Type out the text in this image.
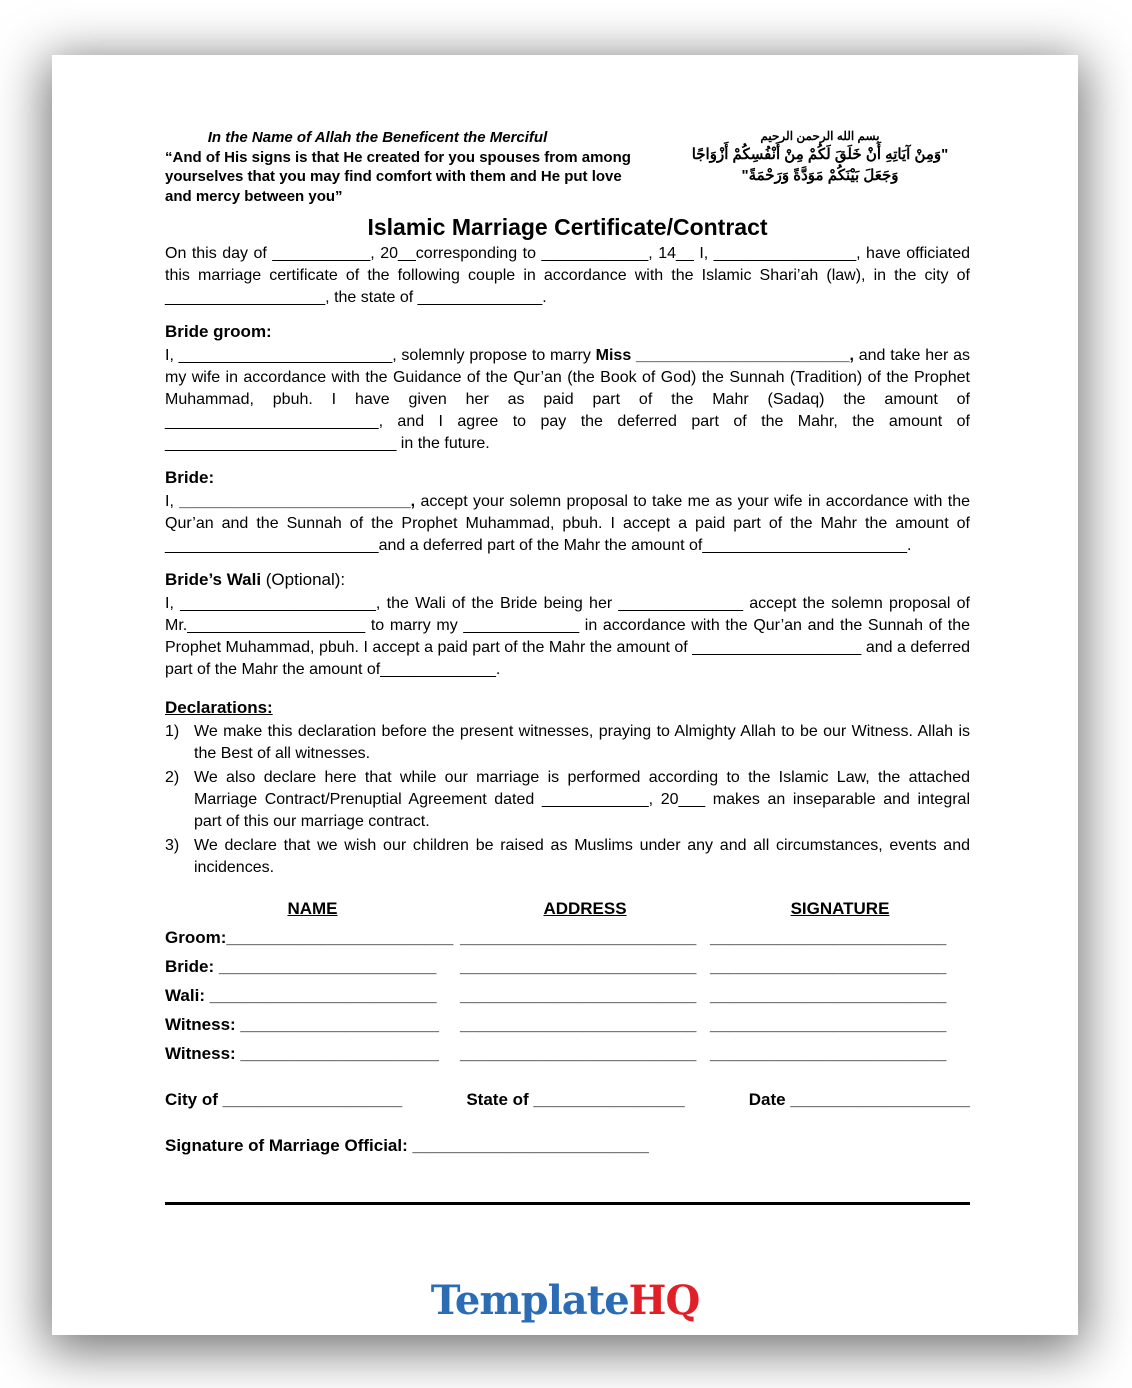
In the Name of Allah the Beneficent the Merciful
“And of His signs is that He created for you spouses from among yourselves that you may find comfort with them and He put love and mercy between you”
بسم الله الرحمن الرحيم
"وَمِنْ آيَاتِهِ أَنْ خَلَقَ لَكُمْ مِنْ أَنْفُسِكُمْ أَزْوَاجًا
وَجَعَلَ بَيْنَكُمْ مَوَدَّةً وَرَحْمَةً"
Islamic Marriage Certificate/Contract

On this day of ___________, 20__corresponding to ____________, 14__ I, ________________, have officiated this marriage certificate of the following couple in accordance with the Islamic Shari’ah (law), in the city of __________________, the state of ______________.

Bride groom:

I, ________________________, solemnly propose to marry Miss ________________________, and take her as my wife in accordance with the Guidance of the Qur’an (the Book of God) the Sunnah (Tradition) of the Prophet Muhammad, pbuh. I have given her as paid part of the Mahr (Sadaq) the amount of ________________________, and I agree to pay the deferred part of the Mahr, the amount of __________________________ in the future.

Bride:

I, __________________________, accept your solemn proposal to take me as your wife in accordance with the Qur’an and the Sunnah of the Prophet Muhammad, pbuh. I accept a paid part of the Mahr the amount of ________________________and a deferred part of the Mahr the amount of_______________________.

Bride’s Wali (Optional):

I, ______________________, the Wali of the Bride being her ______________ accept the solemn proposal of Mr.____________________ to marry my _____________ in accordance with the Qur’an and the Sunnah of the Prophet Muhammad, pbuh. I accept a paid part of the Mahr the amount of ___________________ and a deferred part of the Mahr the amount of_____________.

Declarations:
1) We make this declaration before the present witnesses, praying to Almighty Allah to be our Witness. Allah is the Best of all witnesses.
2) We also declare here that while our marriage is performed according to the Islamic Law, the attached Marriage Contract/Prenuptial Agreement dated ____________, 20___ makes an inseparable and integral part of this our marriage contract.
3) We declare that we wish our children be raised as Muslims under any and all circumstances, events and incidences.
NAME	ADDRESS	SIGNATURE
Groom:________________________ _________________________ _________________________
Bride: _______________________	_________________________ _________________________
Wali: ________________________	_________________________ _________________________
Witness: _____________________	_________________________ _________________________
Witness: _____________________	_________________________ _________________________
City of ___________________	State of ________________	Date ___________________
Signature of Marriage Official: _________________________
TemplateHQ
